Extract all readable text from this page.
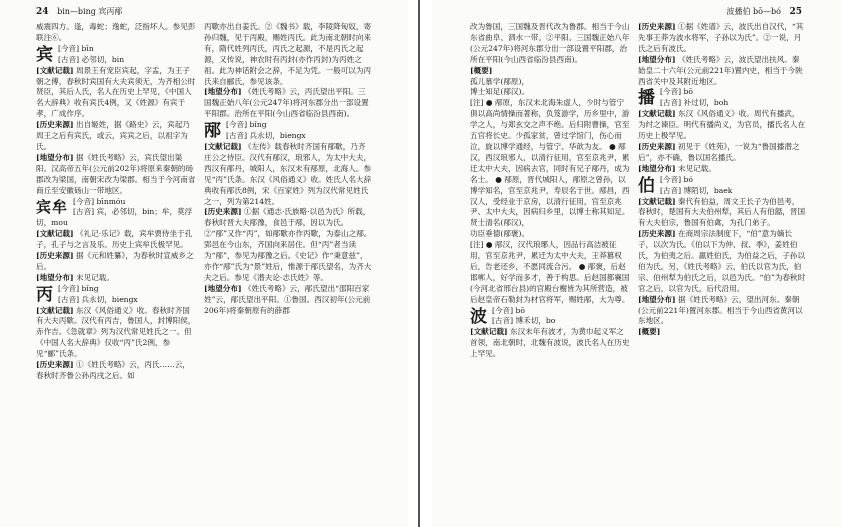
24 bin—bing 宾丙邴

威震四方。逢，毒蛇；逸蛇，泛指坏人。参见彭联注⑥。

宾 [今音] bīn

[古音] 必邻切，bin

[文献记载] 周景王有宠臣宾起，字盂，为王子朝之傅，春秋时宾国有大夫宾须无，为齐相公时贤臣，其后人氏，名人在历史上罕见，《中国人名大辞典》收有宾氏4例，又《姓源》有宾于孝，广成作序。

[历史来源] 出自姬姓，据《路史》云，宾起乃周王之后有宾氏，或云，宾宾之后，以祖字为氏。

[地望分布] 据《姓氏考略》云，宾氏望出渠阳。汉高帝五年(公元前202年)将原来秦朝的砀郡改为梁国，南朝宋改为梁郡。相当于今河南省商丘至安徽砀山一带地区。

宾牟 [今音] bīnmóu

[古音] 宾，必邻切，bin；牟，莫浮切，mou

[文献记载] 《礼记·乐记》载，宾牟贾侍坐于孔子，孔子与之言及乐。历史上宾牟氏极罕见。

[历史来源] 据《元和姓纂》，为春秋时宣威乡之后。

[地望分布] 未见记载。

丙 [今音] bǐng

[古音] 兵永切，biengx

[文献记载] 东汉《风俗通义》收。春秋时齐国有大夫丙歜。汉代有丙吉，鲁国人，封博阳侯，赤作吉。《急就章》列为汉代常见姓氏之一。但《中国人名大辞典》仅收“丙”氏2例，参见“郦”氏条。

[历史来源] ①《姓氏考略》云，丙氏……云，春秋时齐鲁公孙丙戌之后。如

丙歜亦出自姜氏。②《魏书》载，李陵降匈奴，寄孙归魏，见于丙殿，赐姓丙氏。此为南北朝时向来有，隋代姓列丙氏，丙氏之起源，不是丙氏之起源，又传说，神农时有丙封(亦作丙封)为丙姓之祖。此为神话附会之辞，不足为凭。一般可以为丙氏来自郦氏，参见该条。

[地望分布] 《姓氏考略》云，丙氏望出平阳。三国魏正始八年(公元247年)将河东郡分出一部设置平阳郡。治所在平阳(今山西省临汾县西南)。

邴 [今音] bǐng

[古音] 兵永切，biengx

[文献记载] 《左传》载春秋时齐国有邴歜，乃齐庄公之侍臣。汉代有邴汉，琅邪人，为太中大夫，西汉有邴丹，城阳人，东汉末有邴原，北海人。参见“丙”氏条。东汉《风俗通义》收。姓氏人名大辞典收有邴氏8例，宋《百家姓》列为汉代常见姓氏之一，列为第214姓。

[历史来源] ①据《通志·氏族略·以邑为氏》所载，春秋时晋大夫邴豫，食邑于邴，因以为氏。②“邴”又作“丙”，如邴歜亦作丙歜，为泰山之邴。郢邑在今山东，齐国向来居住。但“丙”者当读为“邴”，参见为邴豫之后。《史记》作“秉意兹”，亦作“邴”氏为“景”姓后，惟源于邴氏望名，为齐大夫之后。参见《潜夫论·志氏姓》等。

[地望分布] 《姓氏考略》云，邴氏望出“邵阳百家姓”云，邴氏望出平阳。①鲁国。西汉初年(公元前206年)将秦朝原有的薛郡

波播伯 bō—bó 25

改为鲁国，三国魏及晋代改为鲁郡。相当于今山东省曲阜、泗水一带。②平阳。三国魏正始八年(公元247年)将河东郡分出一部设置平阳郡，治所在平阳(今山西省临汾县西南)。

[概要]

孤儿慕学(邴原)，

博士知足(邴汉)。

[注] ● 邴原，东汉末北海朱虚人，少时与管宁俱以高尚情操而著称，负笈游学，历乡里中，游学之人，与郑玄交之声不绝。后归附曹操，官至五官将长史。少孤家贫，曾过学馆门，伤心而泣，旋以博学通经，与管宁、华歆为友。 ● 邴汉，西汉琅邪人，以清行征用，官至京兆尹，累迁太中大夫，因病去官，同时有兄子邴丹，成为名士。 ● 邴原，晋代城阳人，邴原之曾孙，以博学知名，官至京兆尹，寿辰名于世。邴昌，西汉人，受经业于京房，以清行征用，官至京兆尹、太中大夫，因病归乡里，以博士称其知足。

贤士清名(邴汉)，

功臣垂德(邴褒)。

[注] ● 邴汉，汉代琅琊人，因品行高洁被征用，官至京兆尹，累迁为太中大夫，王莽篡权后，告老还乡，不愿同流合污。 ● 邴褒，后赵邯郸人，好学而多才，善于构思。后赵国都襄国(今河北省邢台县)的宫殿台榭皆为其所营造，被后赵皇帝石勒封为材官将军，赐姓邴，大为尊。

波 [今音] bō

[古音] 博禾切，bo

[文献记载] 东汉末年有波才，为黄巾起义军之首领，南北朝时，北魏有波说，波氏名人在历史上罕见。

[历史来源] ①据《姓谱》云，波氏出自汉代，“其先事王莽为波水将军，子孙以为氏”。②一说，月氏之后有波氏。

[地望分布] 《姓氏考略》云，波氏望出扶风。秦始皇二十六年(公元前221年)置内史，相当于今陕西省关中及其附近地区。

播 [今音] bō

[古音] 补过切，boh

[文献记载] 东汉《风俗通义》收。周代有播武，为纣之谏臣。明代有播尚义，为官员，播氏名人在历史上极罕见。

[历史来源] 初见于《姓苑》，一说为“鲁国播潜之后”，亦不确，鲁以国名播氏。

[地望分布] 未见记载。

伯 [今音] bó

[古音] 博陌切，baek

[文献记载] 秦代有伯益，周文王长子为伯邑考，春秋时，楚国有大夫伯州犁，其后人有伯嚭，晋国有大夫伯宗，鲁国有伯禽，为孔门弟子。

[历史来源] 在商周宗法制度下，“伯”意为嫡长子，以次为氏。《伯以下为仲、叔、季》，姜姓伯氏，为伯夷之后。嬴姓伯氏，为伯益之后，子孙以伯为氏。另，《姓氏考略》云，伯氏以官为氏，伯宗、伯州犁为伯氏之后，以邑为氏。“伯”为春秋时官之后，以官为氏，后代沿用。

[地望分布] 据《姓氏考略》云，望出河东。秦朝(公元前221年)置河东郡。相当于今山西省黄河以东地区。

[概要]
